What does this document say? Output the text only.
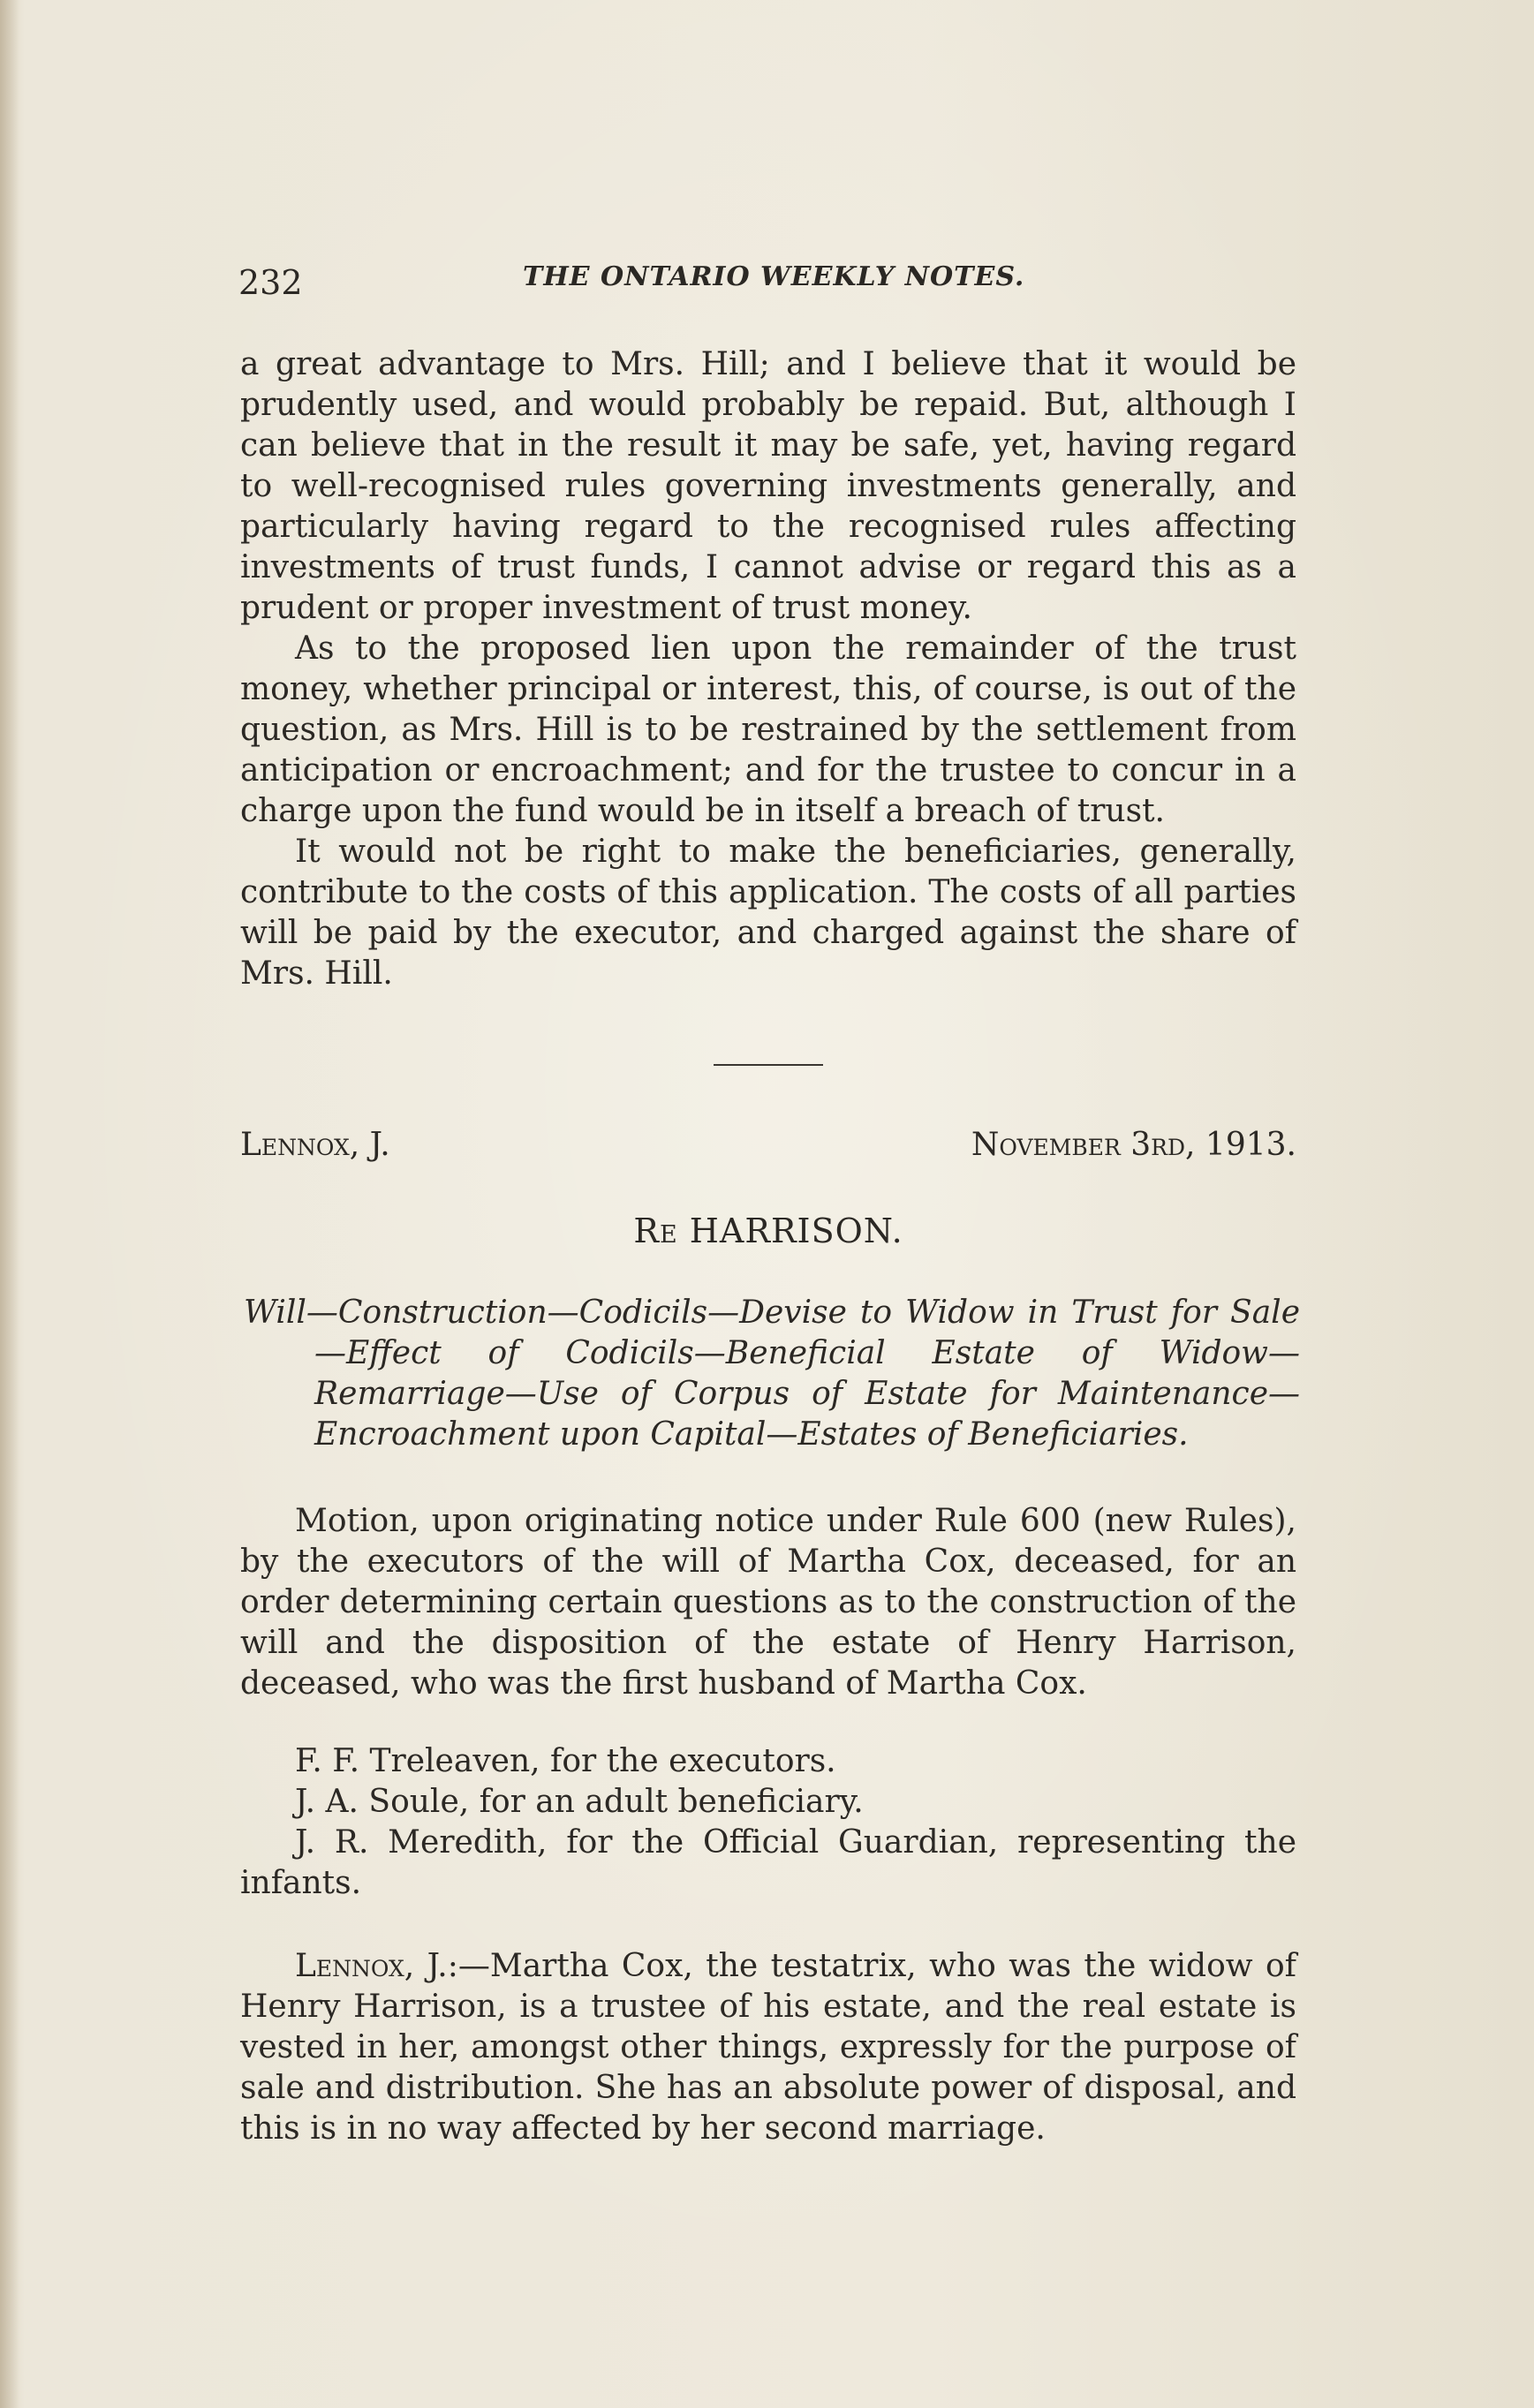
232	THE ONTARIO WEEKLY NOTES.

a great advantage to Mrs. Hill; and I believe that it would be prudently used, and would probably be repaid. But, although I can believe that in the result it may be safe, yet, having regard to well-recognised rules governing investments generally, and particularly having regard to the recognised rules affecting investments of trust funds, I cannot advise or regard this as a prudent or proper investment of trust money.

As to the proposed lien upon the remainder of the trust money, whether principal or interest, this, of course, is out of the question, as Mrs. Hill is to be restrained by the settlement from anticipation or encroachment; and for the trustee to concur in a charge upon the fund would be in itself a breach of trust.

It would not be right to make the beneficiaries, generally, contribute to the costs of this application. The costs of all parties will be paid by the executor, and charged against the share of Mrs. Hill.

Lennox, J.	November 3rd, 1913.
Re HARRISON.
Will—Construction—Codicils—Devise to Widow in Trust for Sale—Effect of Codicils—Beneficial Estate of Widow—Remarriage—Use of Corpus of Estate for Maintenance—Encroachment upon Capital—Estates of Beneficiaries.

Motion, upon originating notice under Rule 600 (new Rules), by the executors of the will of Martha Cox, deceased, for an order determining certain questions as to the construction of the will and the disposition of the estate of Henry Harrison, deceased, who was the first husband of Martha Cox.

F. F. Treleaven, for the executors.

J. A. Soule, for an adult beneficiary.

J. R. Meredith, for the Official Guardian, representing the infants.

Lennox, J.:—Martha Cox, the testatrix, who was the widow of Henry Harrison, is a trustee of his estate, and the real estate is vested in her, amongst other things, expressly for the purpose of sale and distribution. She has an absolute power of disposal, and this is in no way affected by her second marriage.
